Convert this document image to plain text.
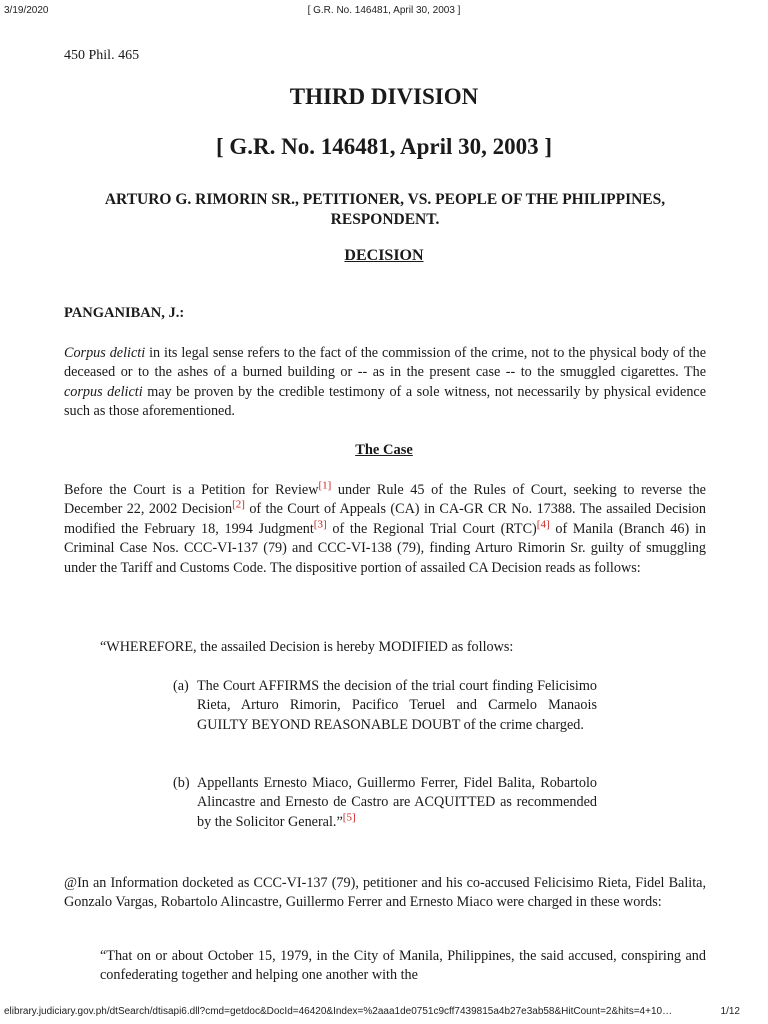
3/19/2020	[ G.R. No. 146481, April 30, 2003 ]

450 Phil. 465

THIRD DIVISION
[ G.R. No. 146481, April 30, 2003 ]
ARTURO G. RIMORIN SR., PETITIONER, VS. PEOPLE OF THE PHILIPPINES, RESPONDENT.
DECISION

PANGANIBAN, J.:

Corpus delicti in its legal sense refers to the fact of the commission of the crime, not to the physical body of the deceased or to the ashes of a burned building or -- as in the present case -- to the smuggled cigarettes. The corpus delicti may be proven by the credible testimony of a sole witness, not necessarily by physical evidence such as those aforementioned.

The Case

Before the Court is a Petition for Review[1] under Rule 45 of the Rules of Court, seeking to reverse the December 22, 2002 Decision[2] of the Court of Appeals (CA) in CA-GR CR No. 17388. The assailed Decision modified the February 18, 1994 Judgment[3] of the Regional Trial Court (RTC)[4] of Manila (Branch 46) in Criminal Case Nos. CCC-VI-137 (79) and CCC-VI-138 (79), finding Arturo Rimorin Sr. guilty of smuggling under the Tariff and Customs Code. The dispositive portion of assailed CA Decision reads as follows:

“WHEREFORE, the assailed Decision is hereby MODIFIED as follows:

(a) The Court AFFIRMS the decision of the trial court finding Felicisimo Rieta, Arturo Rimorin, Pacifico Teruel and Carmelo Manaois GUILTY BEYOND REASONABLE DOUBT of the crime charged.

(b) Appellants Ernesto Miaco, Guillermo Ferrer, Fidel Balita, Robartolo Alincastre and Ernesto de Castro are ACQUITTED as recommended by the Solicitor General.”[5]

@In an Information docketed as CCC-VI-137 (79), petitioner and his co-accused Felicisimo Rieta, Fidel Balita, Gonzalo Vargas, Robartolo Alincastre, Guillermo Ferrer and Ernesto Miaco were charged in these words:

“That on or about October 15, 1979, in the City of Manila, Philippines, the said accused, conspiring and confederating together and helping one another with the

elibrary.judiciary.gov.ph/dtSearch/dtisapi6.dll?cmd=getdoc&DocId=46420&Index=%2aaa1de0751c9cff7439815a4b27e3ab58&HitCount=2&hits=4+10…	1/12
